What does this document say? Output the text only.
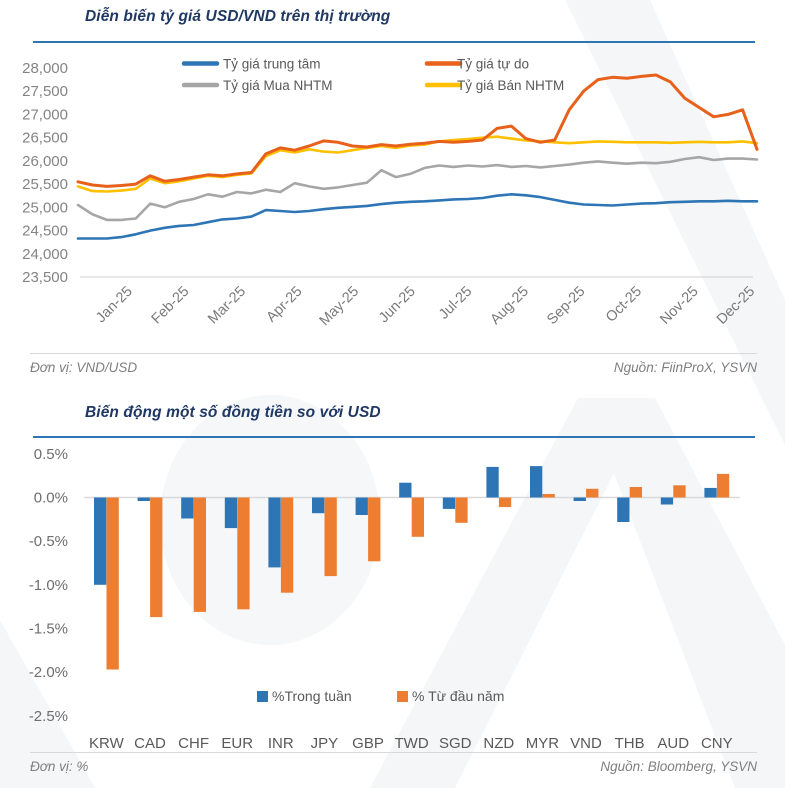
Diễn biến tỷ giá USD/VND trên thị trường
23,500
24,000
24,500
25,000
25,500
26,000
26,500
27,000
27,500
28,000
Jan-25 Feb-25 Mar-25 Apr-25 May-25 Jun-25 Jul-25 Aug-25 Sep-25 Oct-25 Nov-25 Dec-25
Tỷ giá trung tâm	Tỷ giá tự do
Tỷ giá Mua NHTM	Tỷ giá Bán NHTM
Đơn vị: VND/USD	Nguồn: FiinProX, YSVN
Biến động một số đồng tiền so với USD
0.5%
0.0%
-0.5%
-1.0%
-1.5%
-2.0%
-2.5%
KRW CAD CHF EUR INR JPY GBP TWD SGD NZD MYR VND THB AUD CNY
%Trong tuần	% Từ đầu năm
Đơn vị: %	Nguồn: Bloomberg, YSVN
